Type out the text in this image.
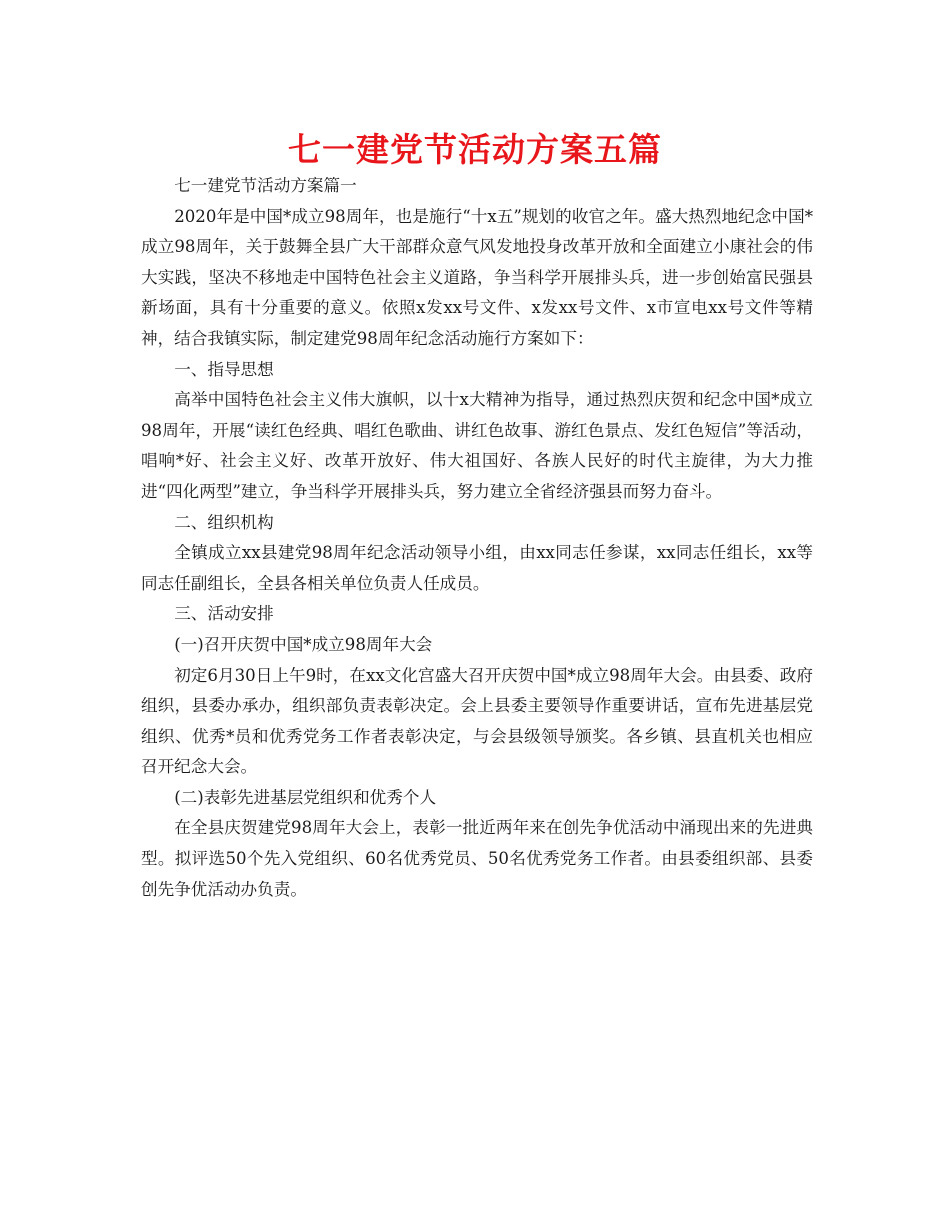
七一建党节活动方案五篇

七一建党节活动方案篇一

2020年是中国*成立98周年，也是施行“十x五”规划的收官之年。盛大热烈地纪念中国*成立98周年，关于鼓舞全县广大干部群众意气风发地投身改革开放和全面建立小康社会的伟大实践，坚决不移地走中国特色社会主义道路，争当科学开展排头兵，进一步创始富民强县新场面，具有十分重要的意义。依照x发xx号文件、x发xx号文件、x市宣电xx号文件等精神，结合我镇实际，制定建党98周年纪念活动施行方案如下：

一、指导思想

高举中国特色社会主义伟大旗帜，以十x大精神为指导，通过热烈庆贺和纪念中国*成立98周年，开展“读红色经典、唱红色歌曲、讲红色故事、游红色景点、发红色短信”等活动，唱响*好、社会主义好、改革开放好、伟大祖国好、各族人民好的时代主旋律，为大力推进“四化两型”建立，争当科学开展排头兵，努力建立全省经济强县而努力奋斗。

二、组织机构

全镇成立xx县建党98周年纪念活动领导小组，由xx同志任参谋，xx同志任组长，xx等同志任副组长，全县各相关单位负责人任成员。

三、活动安排

(一)召开庆贺中国*成立98周年大会

初定6月30日上午9时，在xx文化宫盛大召开庆贺中国*成立98周年大会。由县委、政府组织，县委办承办，组织部负责表彰决定。会上县委主要领导作重要讲话，宣布先进基层党组织、优秀*员和优秀党务工作者表彰决定，与会县级领导颁奖。各乡镇、县直机关也相应召开纪念大会。

(二)表彰先进基层党组织和优秀个人

在全县庆贺建党98周年大会上，表彰一批近两年来在创先争优活动中涌现出来的先进典型。拟评选50个先入党组织、60名优秀党员、50名优秀党务工作者。由县委组织部、县委创先争优活动办负责。
